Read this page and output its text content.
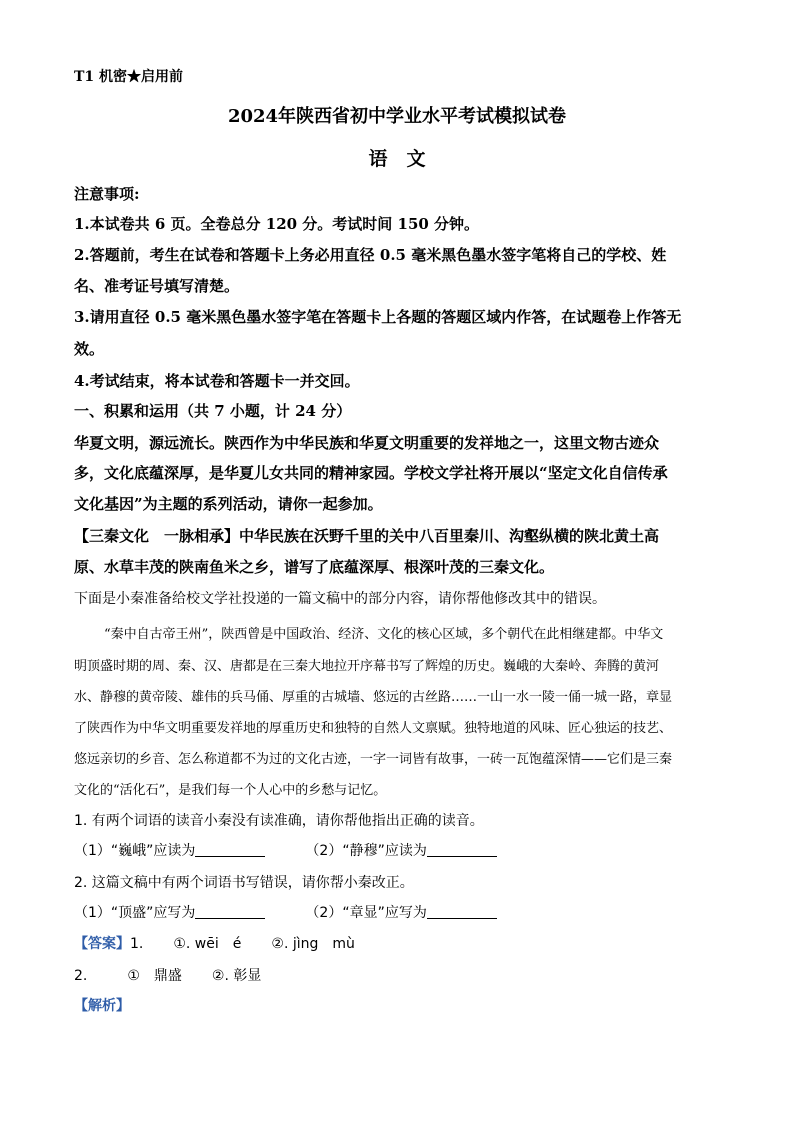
T1 机密★启用前
2024年陕西省初中学业水平考试模拟试卷
语　文
注意事项:
1.本试卷共 6 页。全卷总分 120 分。考试时间 150 分钟。
2.答题前，考生在试卷和答题卡上务必用直径 0.5 毫米黑色墨水签字笔将自己的学校、姓
名、准考证号填写清楚。
3.请用直径 0.5 毫米黑色墨水签字笔在答题卡上各题的答题区域内作答，在试题卷上作答无
效。
4.考试结束，将本试卷和答题卡一并交回。
一、积累和运用（共 7 小题，计 24 分）
华夏文明，源远流长。陕西作为中华民族和华夏文明重要的发祥地之一，这里文物古迹众
多，文化底蕴深厚，是华夏儿女共同的精神家园。学校文学社将开展以“坚定文化自信传承
文化基因”为主题的系列活动，请你一起参加。
【三秦文化　一脉相承】中华民族在沃野千里的关中八百里秦川、沟壑纵横的陕北黄土高
原、水草丰茂的陕南鱼米之乡，谱写了底蕴深厚、根深叶茂的三秦文化。
下面是小秦准备给校文学社投递的一篇文稿中的部分内容，请你帮他修改其中的错误。
“秦中自古帝王州”，陕西曾是中国政治、经济、文化的核心区域，多个朝代在此相继建都。中华文
明顶盛时期的周、秦、汉、唐都是在三秦大地拉开序幕书写了辉煌的历史。巍峨的大秦岭、奔腾的黄河
水、静穆的黄帝陵、雄伟的兵马俑、厚重的古城墙、悠远的古丝路……一山一水一陵一俑一城一路，章显
了陕西作为中华文明重要发祥地的厚重历史和独特的自然人文禀赋。独特地道的风味、匠心独运的技艺、
悠远亲切的乡音、怎么称道都不为过的文化古迹，一字一词皆有故事，一砖一瓦饱蕴深情——它们是三秦
文化的“活化石”，是我们每一个人心中的乡愁与记忆。
1. 有两个词语的读音小秦没有读准确，请你帮他指出正确的读音。
（1）“巍峨”应读为	（2）“静穆”应读为
2. 这篇文稿中有两个词语书写错误，请你帮小秦改正。
（1）“顶盛”应写为	（2）“章显”应写为
【答案】1. ①. wēi　é ②. jìng　mù
2.	①　鼎盛 ②. 彰显
【解析】
